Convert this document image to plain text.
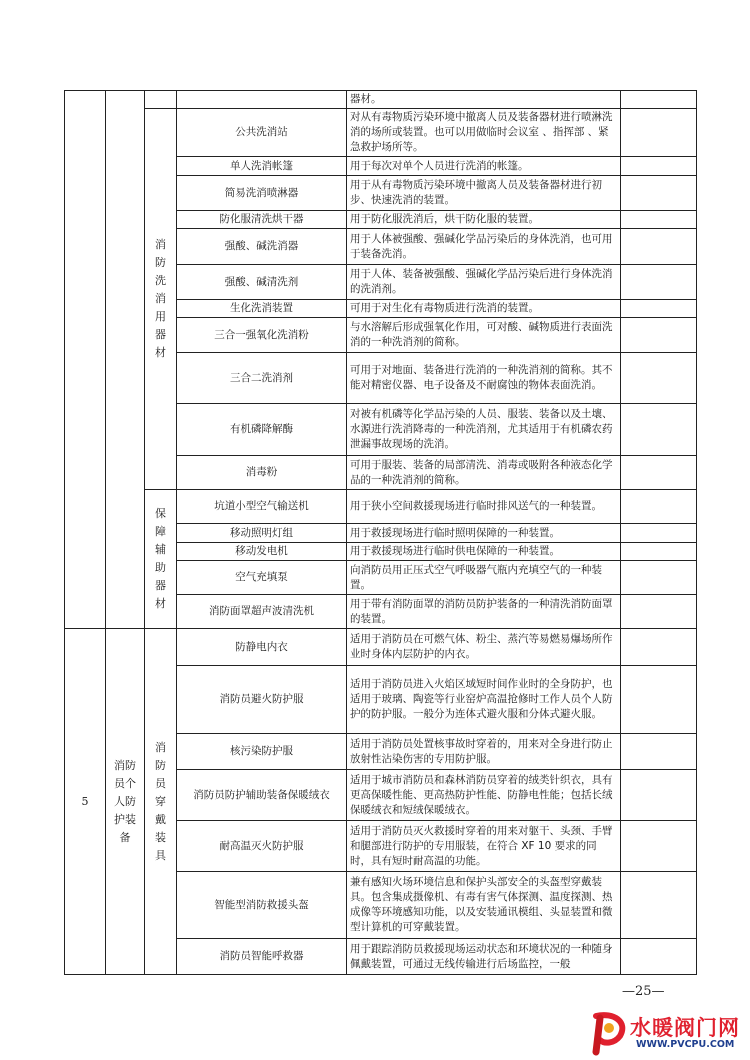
				器材。	

		消防洗消用器材	公共洗消站	对从有毒物质污染环境中撤离人员及装备器材进行喷淋洗消的场所或装置。也可以用做临时会议室 、指挥部 、紧急救护场所等。	
			单人洗消帐篷	用于每次对单个人员进行洗消的帐篷。	
			简易洗消喷淋器	用于从有毒物质污染环境中撤离人员及装备器材进行初步、快速洗消的装置。	
			防化服清洗烘干器	用于防化服洗消后，烘干防化服的装置。	
			强酸、碱洗消器	用于人体被强酸、强碱化学品污染后的身体洗消，也可用于装备洗消。	
			强酸、碱清洗剂	用于人体、装备被强酸、强碱化学品污染后进行身体洗消的洗消剂。	
			生化洗消装置	可用于对生化有毒物质进行洗消的装置。	
			三合一强氧化洗消粉	与水溶解后形成强氧化作用，可对酸、碱物质进行表面洗消的一种洗消剂的简称。	
			三合二洗消剂	可用于对地面、装备进行洗消的一种洗消剂的简称。其不能对精密仪器、电子设备及不耐腐蚀的物体表面洗消。	
			有机磷降解酶	对被有机磷等化学品污染的人员、服装、装备以及土壤、水源进行洗消降毒的一种洗消剂，尤其适用于有机磷农药泄漏事故现场的洗消。	
			消毒粉	可用于服装、装备的局部清洗、消毒或吸附各种液态化学品的一种洗消剂的简称。	

		保障辅助器材	坑道小型空气输送机	用于狭小空间救援现场进行临时排风送气的一种装置。	
			移动照明灯组	用于救援现场进行临时照明保障的一种装置。	
			移动发电机	用于救援现场进行临时供电保障的一种装置。	
			空气充填泵	向消防员用正压式空气呼吸器气瓶内充填空气的一种装置。	
			消防面罩超声波清洗机	用于带有消防面罩的消防员防护装备的一种清洗消防面罩的装置。	
5	消防员个人防护装备	消防员穿戴装具	防静电内衣	适用于消防员在可燃气体、粉尘、蒸汽等易燃易爆场所作业时身体内层防护的内衣。	
			消防员避火防护服	适用于消防员进入火焰区域短时间作业时的全身防护，也适用于玻璃、陶瓷等行业窑炉高温抢修时工作人员个人防护的防护服。一般分为连体式避火服和分体式避火服。	
			核污染防护服	适用于消防员处置核事故时穿着的，用来对全身进行防止放射性沾染伤害的专用防护服。	
			消防员防护辅助装备保暖绒衣	适用于城市消防员和森林消防员穿着的绒类针织衣，具有更高保暖性能、更高热防护性能、防静电性能；包括长绒保暖绒衣和短绒保暖绒衣。	
			耐高温灭火防护服	适用于消防员灭火救援时穿着的用来对躯干、头颈、手臂和腿部进行防护的专用服装，在符合 XF 10 要求的同时，具有短时耐高温的功能。	
			智能型消防救援头盔	兼有感知火场环境信息和保护头部安全的头盔型穿戴装具。包含集成摄像机、有毒有害气体探测、温度探测、热成像等环境感知功能，以及安装通讯模组、头显装置和微型计算机的可穿戴装置。	
			消防员智能呼救器	用于跟踪消防员救援现场运动状态和环境状况的一种随身佩戴装置，可通过无线传输进行后场监控，一般	
—25—
水暖阀门网
WWW.PVCPU.COM
